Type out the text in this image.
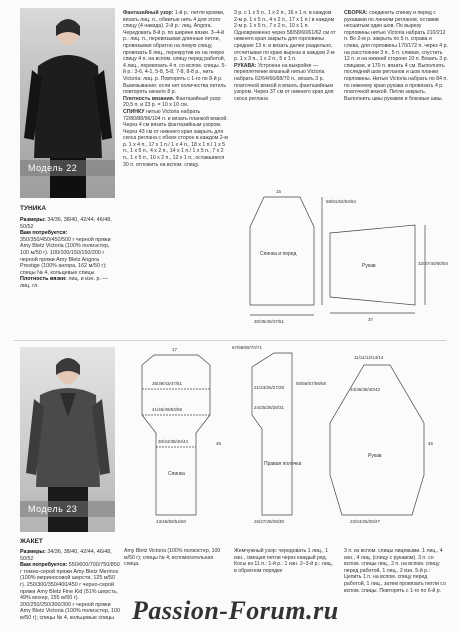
Модель 22
ТУНИКА
Размеры: 34/36, 38/40, 42/44, 46/48, 50/52
Вам потребуется: 350/350/450/450/500 г черной пряжи Amy Bletz Victoria (100% полиэстер, 100 м/50 г). 100/100/150/150/200 г черной пряжи Amy Bletz Angora Prestige (100% ангора, 162 м/50 г); спицы № 4, кольцевые спицы
Плотность вязки: лиц. и изн. р. — лиц. гл.
Фантазийный узор: 1-й р.: петля кромки, вязать лиц. п., обвитые нить 4 для этого спицу (4 накида). 2-й р.: лиц. Angora. Чередовать 8-й р. по ширине вязки. 3–4-й р.: лиц. п., перевязывая длинные петли, провязывая обратно на левую спицу, провязать 8 лиц., перекрутив их на левую спицу 4 п. на вспом. спицу перед работой, 4 лиц., перевязать 4 п. со вспом. спицы. 5-й р.: 3-6, 4-1, 5-8, 5-8, 7-8, 8-8 р., нить Victoria: лиц. р. Повторять с 1-го по 8-й р. Вывязывание: если нет количества петель повторять начало 8 р.
Плотность вязания. Фантазийный узор: 20,5 п. и 23 р. = 10 х 10 см.
СПИНКУ нитью Victoria набрать 72/80/88/96/104 п. и вязать планкой вязкой. Через 4 см вязать фантазийным узором. Через 43 см от нижнего края закрыть для скоса реглана с обеих сторон в каждом 2-м р. 1 х 4 п., 17 х 1 п./ 1 х 4 п., 18 х 1 п./ 1 х 5 п., 1 х 5 п., 4 х 2 п., 14 х 1 п./ 1 х 5 п., 7 х 2 п., 1 х 5 п., 10 х 2 п., 12 х 1 п., оставшиеся 30 п. отложить на вспом. спицу.
3 р. с 1 х 5 п., 1 х 2 п., 16 х 1 п. в каждом 2-м р. 1 х 5 п., 4 х 2 п., 17 х 1 п./ в каждом 2-м р. 1 х 5 п., 7 х 2 п., 10 х 1 п. Одновременно через 58/58/60/61/62 см от нижнего края закрыть для горловины средние 13 п. и вязать далее раздельно, отсчитывая по краю выреза в каждом 2-м р. 1 х 3 п., 1 х 2 п., 5 х 1 п.
РУКАВА: Устроена на выкройке — переплетение вязаный нитью Victoria набрать 62/64/66/68/70 п., вязать 3 р. платочной вязкой и вязать фантазийным узором. Через 37 см от нижнего края для скоса реглана
СБОРКА: соединить спинку и перед с рукавами по линиям регланов, оставив несшитым один шов. По вырезу горловины нитью Victoria набрать 210/212 п. Во 2-м р. закрыть по 5 п. справа и слева, для горловины 170/172 п. через 4 р. на расстоянии 3 п., 5 п. сливая, спустить 12 п. и на нижней стороне 10 п. Вязать 3 р. спицами, и 170 п. вязать 4 см. Выполнять последний шов регланов и шов планки горловины. Нитью Victoria набрать по 84 п. по нижнему краю рукава и провязать 4 р. платочной вязкой. Петли закрыть. Выполнить швы рукавов и боковые швы.
Спинка и перед
Рукав
15
30/35/40/47/51
58/61/62/63/64
37
32/37/40/50/54
Модель 23
ЖАКЕТ
Размеры: 34/36, 38/40, 42/44, 46/48, 50/52
Вам потребуется: 550/600/700/750/850 г темно-серой пряжи Amy Bletz Merinos (100% мериносовой шерсти, 125 м/50 г). 250/300/350/400/450 г черно-серой пряжи Amy Bletz Fine Kid (51% шерсть, 49% мохер, 155 м/50 г). 200/250/250/300/300 г черной пряжи Amy Bletz Victoria (100% полиэстер, 100 м/50 г); спицы № 4, кольцевые спицы.
17
35/39/43/47/51
41/45/49/53/59
30/34/38/40/44
Спинка
43/46/50/54/60
45
67/68/69/70/71
21/23/25/27/28
24/25/28/28/31
Правая полочка
26/27/28/29/30
55/56/57/58/58
11/11/12/14/14
34/36/38/40/42
Рукав
23/24/25/25/27
46
Amy Bletz Victoria (100% полиэстер, 100 м/50 г); спицы № 4; вспомогательная спица.
Жемчужный узор: чередовать 1 лиц., 1 изн., смещая петли через каждый ряд.
Косы из 11 п.: 1-й р.: 1 изн. 2–3-й р.: лиц., в обратном порядке
3 п. из вспом. спицы лицевыми. 1 лиц., 4 изн., 4 лиц. (спицу с рукавом). 3 п. со вспом. спицы лиц., 2 п. на вспом. спицу перед работой, 1 лиц., 2 изн. 5-й р.: Цепить 1 п. на вспом. спицу перед работой, 1 лиц., затем провязать петли со вспом. спицы. Повторять с 1-го по 6-й р.
Passion-Forum.ru
